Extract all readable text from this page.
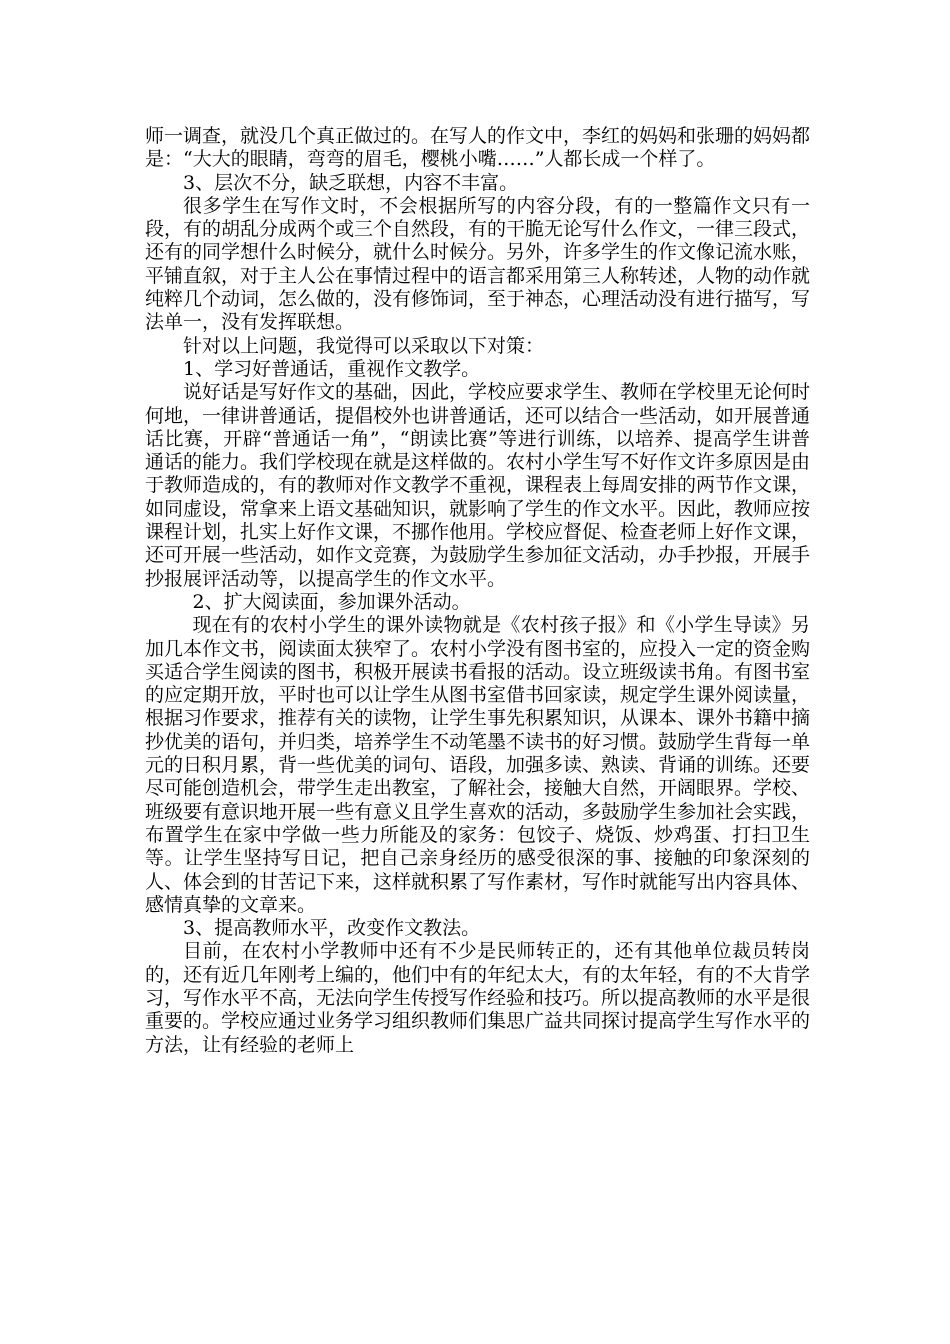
师一调查，就没几个真正做过的。在写人的作文中，李红的妈妈和张珊的妈妈都是：“大大的眼睛，弯弯的眉毛，樱桃小嘴……”人都长成一个样了。

3、层次不分，缺乏联想，内容不丰富。

很多学生在写作文时，不会根据所写的内容分段，有的一整篇作文只有一段，有的胡乱分成两个或三个自然段，有的干脆无论写什么作文，一律三段式，还有的同学想什么时候分，就什么时候分。另外，许多学生的作文像记流水账，平铺直叙，对于主人公在事情过程中的语言都采用第三人称转述，人物的动作就纯粹几个动词，怎么做的，没有修饰词，至于神态，心理活动没有进行描写，写法单一，没有发挥联想。

针对以上问题，我觉得可以采取以下对策：

1、学习好普通话，重视作文教学。

说好话是写好作文的基础，因此，学校应要求学生、教师在学校里无论何时何地，一律讲普通话，提倡校外也讲普通话，还可以结合一些活动，如开展普通话比赛，开辟“普通话一角”，“朗读比赛”等进行训练，以培养、提高学生讲普通话的能力。我们学校现在就是这样做的。农村小学生写不好作文许多原因是由于教师造成的，有的教师对作文教学不重视，课程表上每周安排的两节作文课，如同虚设，常拿来上语文基础知识，就影响了学生的作文水平。因此，教师应按课程计划，扎实上好作文课，不挪作他用。学校应督促、检查老师上好作文课，还可开展一些活动，如作文竞赛，为鼓励学生参加征文活动，办手抄报，开展手抄报展评活动等，以提高学生的作文水平。

2、扩大阅读面，参加课外活动。

现在有的农村小学生的课外读物就是《农村孩子报》和《小学生导读》另加几本作文书，阅读面太狭窄了。农村小学没有图书室的，应投入一定的资金购买适合学生阅读的图书，积极开展读书看报的活动。设立班级读书角。有图书室的应定期开放，平时也可以让学生从图书室借书回家读，规定学生课外阅读量，根据习作要求，推荐有关的读物，让学生事先积累知识，从课本、课外书籍中摘抄优美的语句，并归类，培养学生不动笔墨不读书的好习惯。鼓励学生背每一单元的日积月累，背一些优美的词句、语段，加强多读、熟读、背诵的训练。还要尽可能创造机会，带学生走出教室，了解社会，接触大自然，开阔眼界。学校、班级要有意识地开展一些有意义且学生喜欢的活动，多鼓励学生参加社会实践，布置学生在家中学做一些力所能及的家务：包饺子、烧饭、炒鸡蛋、打扫卫生等。让学生坚持写日记，把自己亲身经历的感受很深的事、接触的印象深刻的人、体会到的甘苦记下来，这样就积累了写作素材，写作时就能写出内容具体、感情真挚的文章来。

3、提高教师水平，改变作文教法。

目前，在农村小学教师中还有不少是民师转正的，还有其他单位裁员转岗的，还有近几年刚考上编的，他们中有的年纪太大，有的太年轻，有的不大肯学习，写作水平不高，无法向学生传授写作经验和技巧。所以提高教师的水平是很重要的。学校应通过业务学习组织教师们集思广益共同探讨提高学生写作水平的方法，让有经验的老师上
